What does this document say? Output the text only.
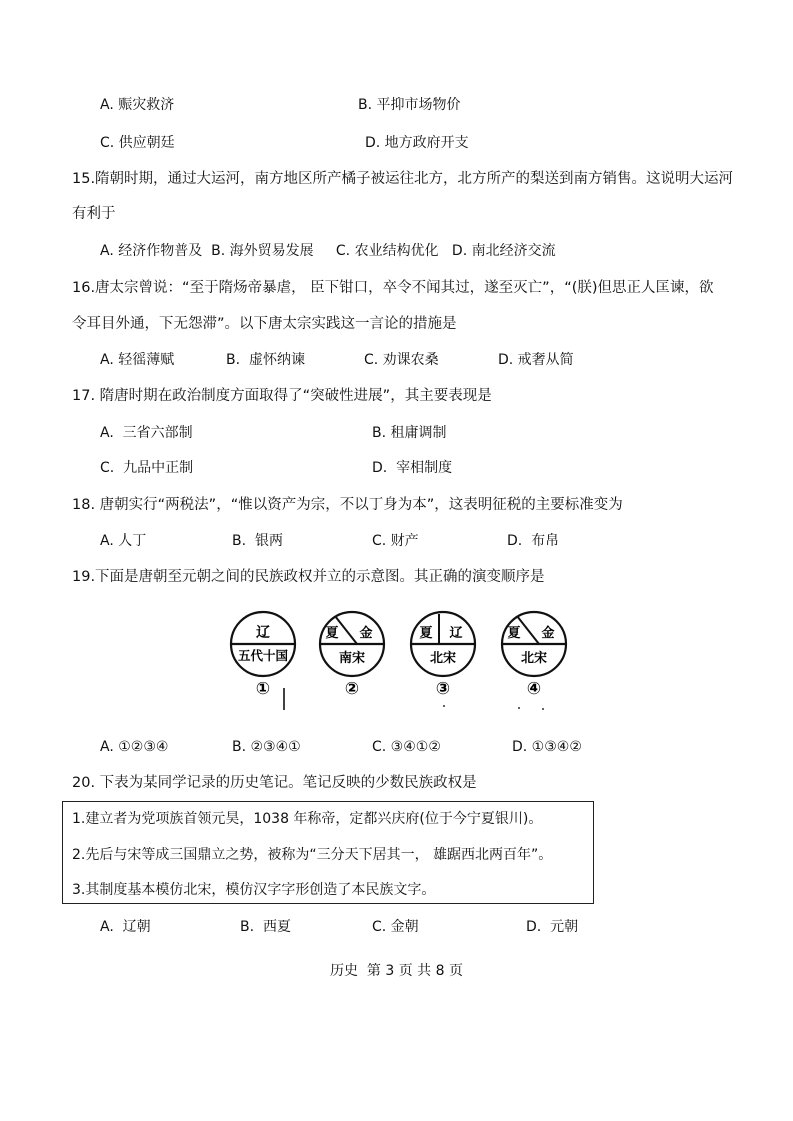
A. 赈灾救济	B. 平抑市场物价
C. 供应朝廷	D. 地方政府开支
15.隋朝时期，通过大运河，南方地区所产橘子被运往北方，北方所产的梨送到南方销售。这说明大运河
有利于
A. 经济作物普及  B. 海外贸易发展     C. 农业结构优化   D. 南北经济交流
16.唐太宗曾说：“至于隋炀帝暴虐， 臣下钳口，卒令不闻其过，遂至灭亡”，“(朕)但思正人匡谏，欲
令耳目外通，下无怨滞”。以下唐太宗实践这一言论的措施是
A. 轻徭薄赋	B.  虚怀纳谏	C. 劝课农桑	D. 戒奢从简
17. 隋唐时期在政治制度方面取得了“突破性进展”，其主要表现是
A.  三省六部制	B. 租庸调制
C.  九品中正制	D.  宰相制度
18. 唐朝实行“两税法”，“惟以资产为宗，不以丁身为本”，这表明征税的主要标准变为
A. 人丁	B.  银两	C. 财产	D.  布帛
19.下面是唐朝至元朝之间的民族政权并立的示意图。其正确的演变顺序是
辽
五代十国
①
夏 金
南宋
②
夏 辽
北宋
③
夏 金
北宋
④
A. ①②③④	B. ②③④①	C. ③④①②	D. ①③④②
20. 下表为某同学记录的历史笔记。笔记反映的少数民族政权是
1.建立者为党项族首领元昊，1038 年称帝，定都兴庆府(位于今宁夏银川)。
2.先后与宋等成三国鼎立之势，被称为“三分天下居其一， 雄踞西北两百年”。
3.其制度基本模仿北宋，模仿汉字字形创造了本民族文字。
A.  辽朝	B.  西夏	C. 金朝	D.  元朝
历史  第 3 页 共 8 页
